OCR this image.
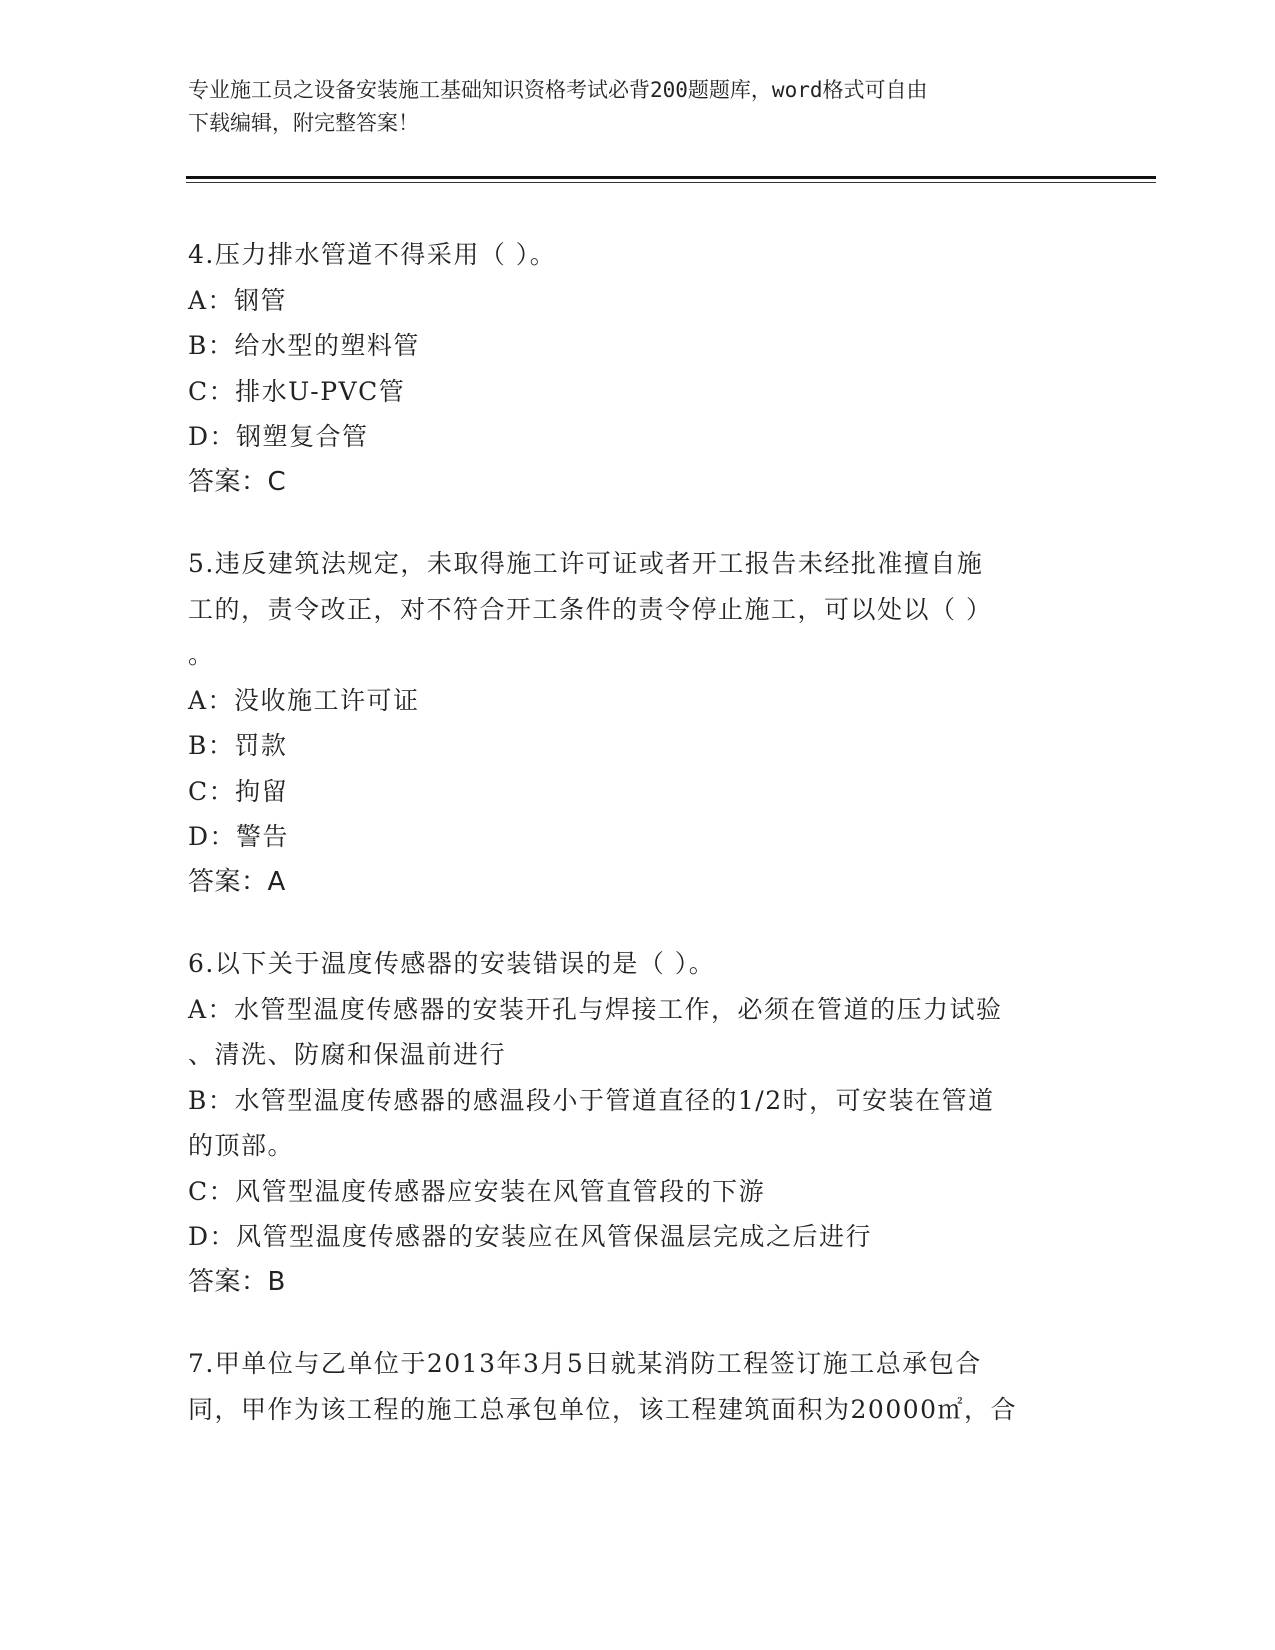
专业施工员之设备安装施工基础知识资格考试必背200题题库，word格式可自由
下载编辑，附完整答案！
4.压力排水管道不得采用（ ）。
A：钢管
B：给水型的塑料管
C：排水U-PVC管
D：钢塑复合管
答案：C
5.违反建筑法规定，未取得施工许可证或者开工报告未经批准擅自施
工的，责令改正，对不符合开工条件的责令停止施工，可以处以（ ）
。
A：没收施工许可证
B：罚款
C：拘留
D：警告
答案：A
6.以下关于温度传感器的安装错误的是（ ）。
A：水管型温度传感器的安装开孔与焊接工作，必须在管道的压力试验
、清洗、防腐和保温前进行
B：水管型温度传感器的感温段小于管道直径的1/2时，可安装在管道
的顶部。
C：风管型温度传感器应安装在风管直管段的下游
D：风管型温度传感器的安装应在风管保温层完成之后进行
答案：B
7.甲单位与乙单位于2013年3月5日就某消防工程签订施工总承包合
同，甲作为该工程的施工总承包单位，该工程建筑面积为20000㎡，合
